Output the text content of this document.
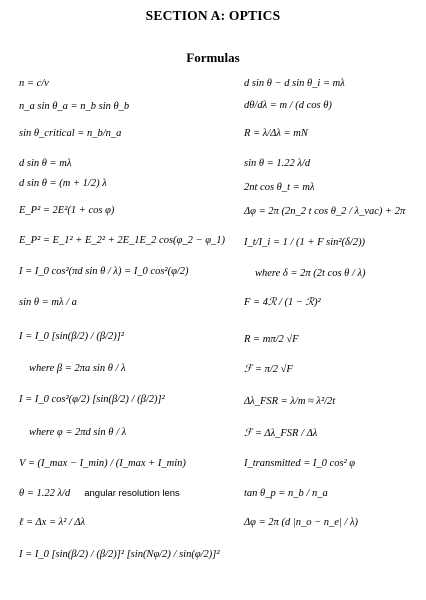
SECTION A: OPTICS
Formulas
n = c/v
n_a sin θ_a = n_b sin θ_b
sin θ_critical = n_b/n_a
d sin θ = mλ
d sin θ = (m + 1/2) λ
E_P² = 2E²(1 + cos φ)
E_P² = E_1² + E_2² + 2E_1E_2 cos(φ_2 − φ_1)
I = I_0 cos²(πd sin θ / λ) = I_0 cos²(φ/2)
sin θ = mλ / a
I = I_0 [sin(β/2) / (β/2)]²
where β = 2πa sin θ / λ
I = I_0 cos²(φ/2) [sin(β/2) / (β/2)]²
where φ = 2πd sin θ / λ
V = (I_max − I_min) / (I_max + I_min)
θ = 1.22 λ/d angular resolution lens
ℓ = Δx = λ² / Δλ
I = I_0 [sin(β/2) / (β/2)]² [sin(Nφ/2) / sin(φ/2)]²
d sin θ − d sin θ_i = mλ
dθ/dλ = m / (d cos θ)
R = λ/Δλ = mN
sin θ = 1.22 λ/d
2nt cos θ_t = mλ
Δφ = 2π (2n_2 t cos θ_2 / λ_vac) + 2π
I_t/I_i = 1 / (1 + F sin²(δ/2))
where δ = 2π (2t cos θ / λ)
F = 4ℛ / (1 − ℛ)²
R = mπ/2 √F
ℱ = π/2 √F
Δλ_FSR = λ/m ≈ λ²/2t
ℱ = Δλ_FSR / Δλ
I_transmitted = I_0 cos² φ
tan θ_p = n_b / n_a
Δφ = 2π (d |n_o − n_e| / λ)
